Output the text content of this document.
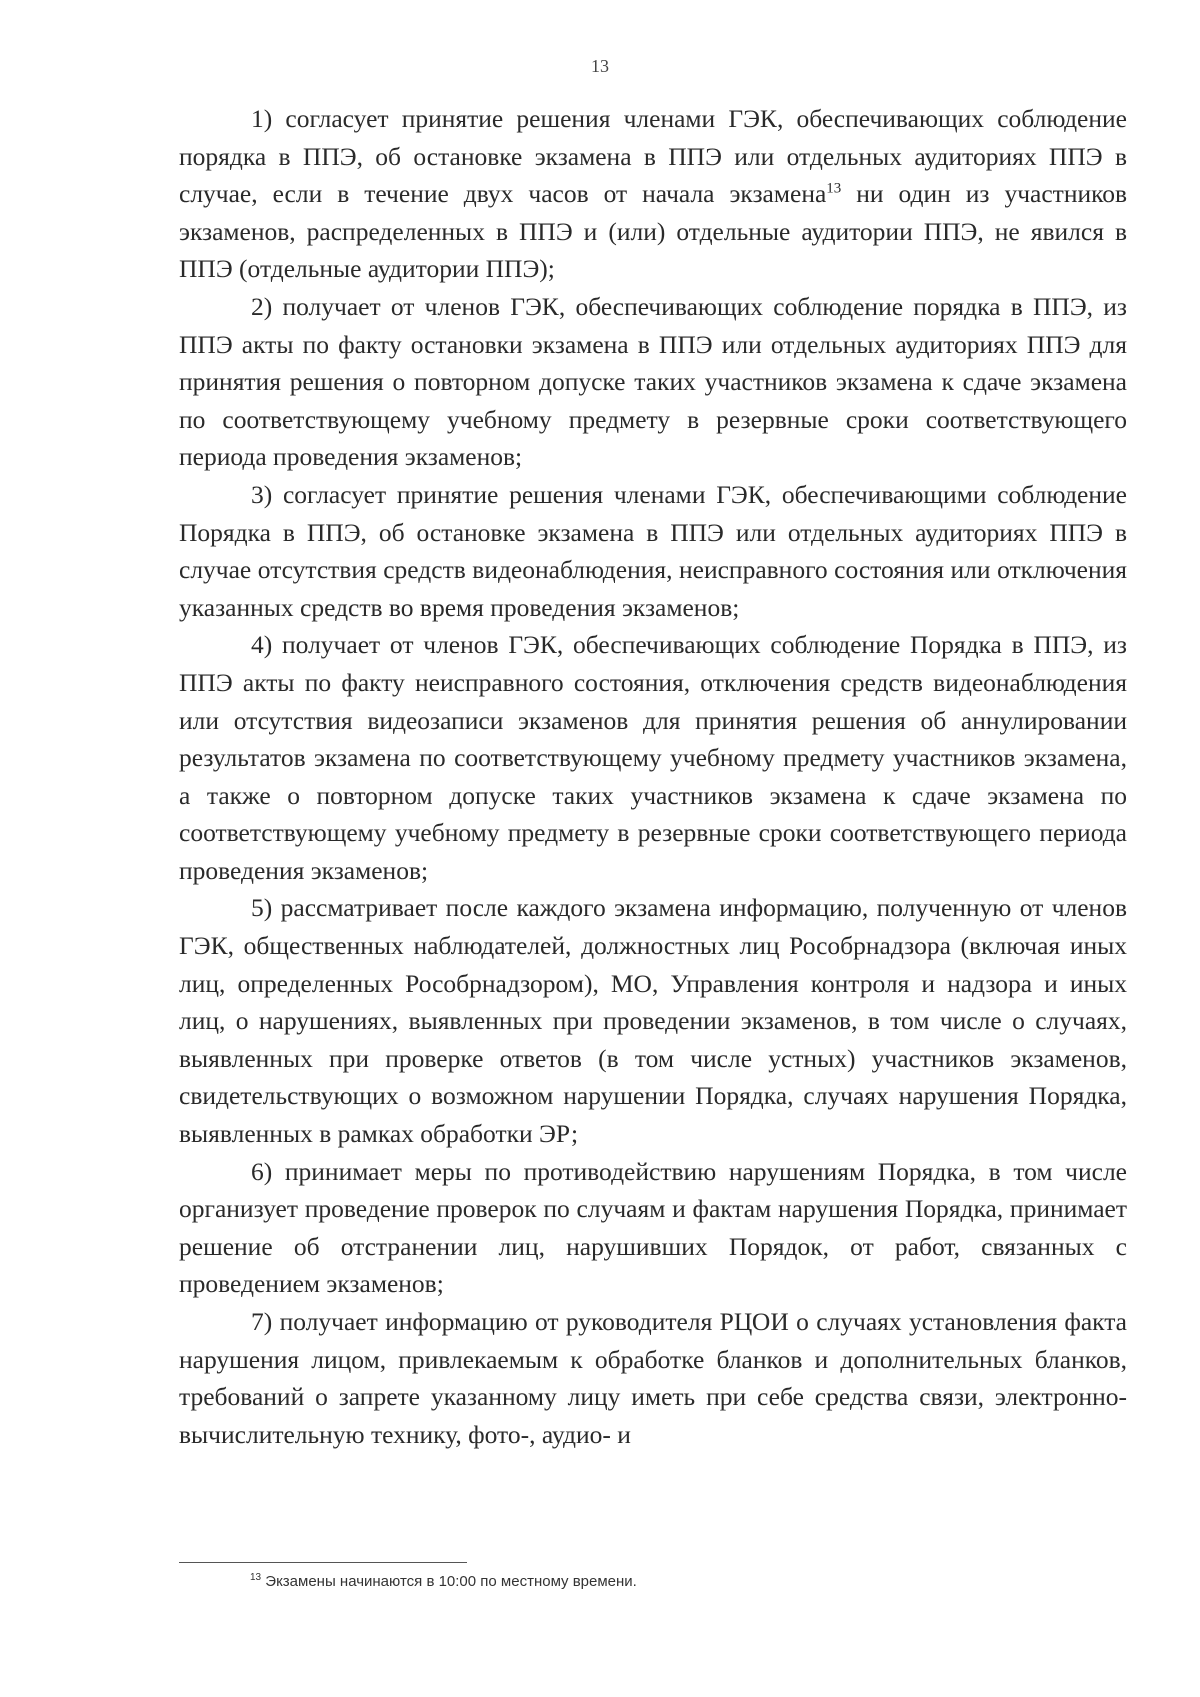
13

1) согласует принятие решения членами ГЭК, обеспечивающих соблюдение порядка в ППЭ, об остановке экзамена в ППЭ или отдельных аудиториях ППЭ в случае, если в течение двух часов от начала экзамена$^{13}$ ни один из участников экзаменов, распределенных в ППЭ и (или) отдельные аудитории ППЭ, не явился в ППЭ (отдельные аудитории ППЭ);

2) получает от членов ГЭК, обеспечивающих соблюдение порядка в ППЭ, из ППЭ акты по факту остановки экзамена в ППЭ или отдельных аудиториях ППЭ для принятия решения о повторном допуске таких участников экзамена к сдаче экзамена по соответствующему учебному предмету в резервные сроки соответствующего периода проведения экзаменов;

3) согласует принятие решения членами ГЭК, обеспечивающими соблюдение Порядка в ППЭ, об остановке экзамена в ППЭ или отдельных аудиториях ППЭ в случае отсутствия средств видеонаблюдения, неисправного состояния или отключения указанных средств во время проведения экзаменов;

4) получает от членов ГЭК, обеспечивающих соблюдение Порядка в ППЭ, из ППЭ акты по факту неисправного состояния, отключения средств видеонаблюдения или отсутствия видеозаписи экзаменов для принятия решения об аннулировании результатов экзамена по соответствующему учебному предмету участников экзамена, а также о повторном допуске таких участников экзамена к сдаче экзамена по соответствующему учебному предмету в резервные сроки соответствующего периода проведения экзаменов;

5) рассматривает после каждого экзамена информацию, полученную от членов ГЭК, общественных наблюдателей, должностных лиц Рособрнадзора (включая иных лиц, определенных Рособрнадзором), МО, Управления контроля и надзора и иных лиц, о нарушениях, выявленных при проведении экзаменов, в том числе о случаях, выявленных при проверке ответов (в том числе устных) участников экзаменов, свидетельствующих о возможном нарушении Порядка, случаях нарушения Порядка, выявленных в рамках обработки ЭР;

6) принимает меры по противодействию нарушениям Порядка, в том числе организует проведение проверок по случаям и фактам нарушения Порядка, принимает решение об отстранении лиц, нарушивших Порядок, от работ, связанных с проведением экзаменов;

7) получает информацию от руководителя РЦОИ о случаях установления факта нарушения лицом, привлекаемым к обработке бланков и дополнительных бланков, требований о запрете указанному лицу иметь при себе средства связи, электронно-вычислительную технику, фото-, аудио- и

$^{13}$ Экзамены начинаются в 10:00 по местному времени.
